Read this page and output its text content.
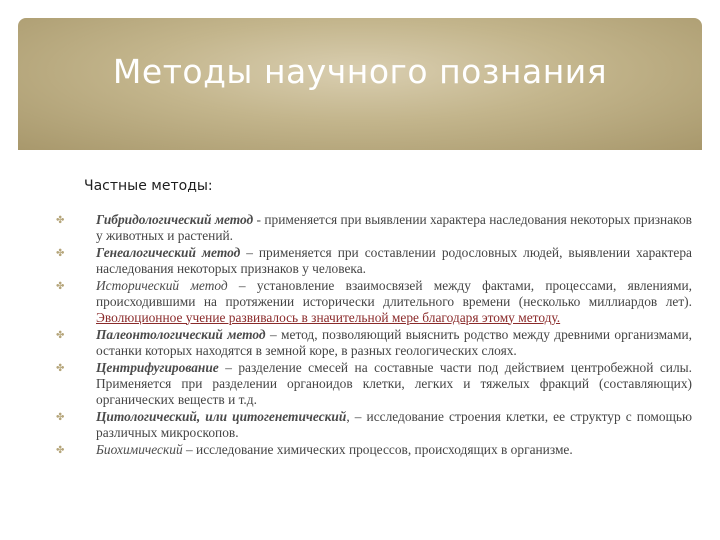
Методы научного познания
Частные методы:
✤ Гибридологический метод - применяется при выявлении характера наследования некоторых признаков у животных и растений.
✤ Генеалогический метод – применяется при составлении родословных людей, выявлении характера наследования некоторых признаков у человека.
✤ Исторический метод – установление взаимосвязей между фактами, процессами, явлениями, происходившими на протяжении исторически длительного времени (несколько миллиардов лет). Эволюционное учение развивалось в значительной мере благодаря этому методу.
✤ Палеонтологический метод – метод, позволяющий выяснить родство между древними организмами, останки которых находятся в земной коре, в разных геологических слоях.
✤ Центрифугирование – разделение смесей на составные части под действием центробежной силы. Применяется при разделении органоидов клетки, легких и тяжелых фракций (составляющих) органических веществ и т.д.
✤ Цитологический, или цитогенетический, – исследование строения клетки, ее структур с помощью различных микроскопов.
✤ Биохимический – исследование химических процессов, происходящих в организме.
